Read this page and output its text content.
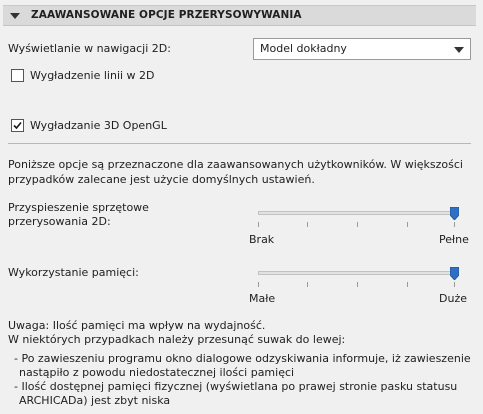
ZAAWANSOWANE OPCJE PRZERYSOWYWANIA
Wyświetlanie w nawigacji 2D:	Model dokładny
Wygładzenie linii w 2D
Wygładzanie 3D OpenGL
Poniższe opcje są przeznaczone dla zaawansowanych użytkowników. W większości
przypadków zalecane jest użycie domyślnych ustawień.
Przyspieszenie sprzętowe
przerysowania 2D:
Brak	Pełne
Wykorzystanie pamięci:
Małe	Duże
Uwaga: Ilość pamięci ma wpływ na wydajność.
W niektórych przypadkach należy przesunąć suwak do lewej:
- Po zawieszeniu programu okno dialogowe odzyskiwania informuje, iż zawieszenie
nastąpiło z powodu niedostatecznej ilości pamięci
- Ilość dostępnej pamięci fizycznej (wyświetlana po prawej stronie pasku statusu
ARCHICADa) jest zbyt niska
